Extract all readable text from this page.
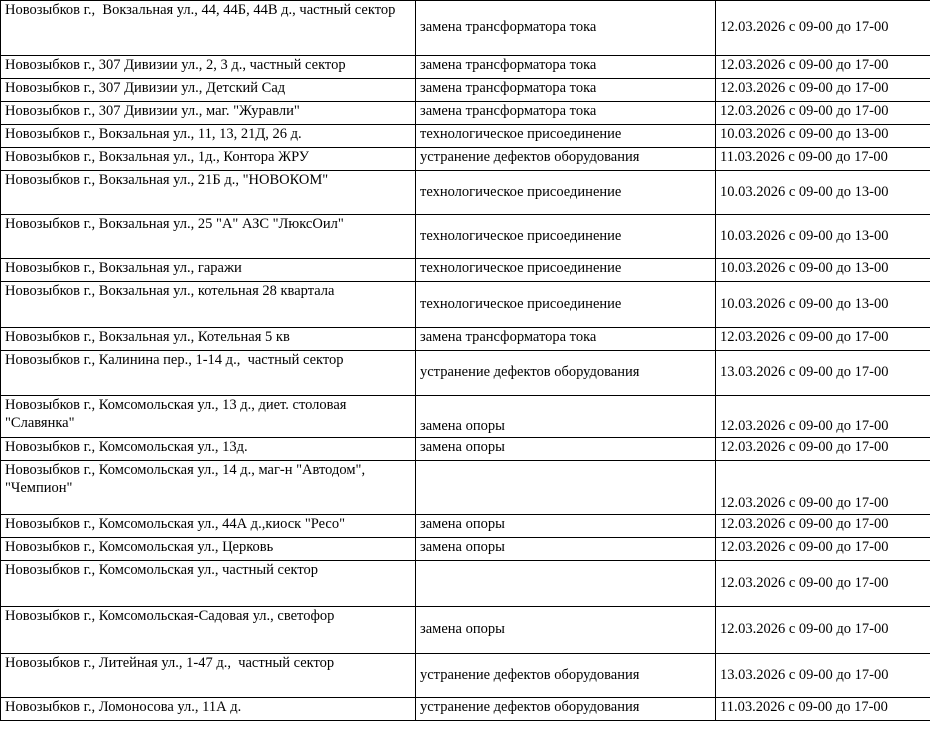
Новозыбков г.,  Вокзальная ул., 44, 44Б, 44В д., частный сектор	замена трансформатора тока	12.03.2026 с 09-00 до 17-00
Новозыбков г., 307 Дивизии ул., 2, 3 д., частный сектор	замена трансформатора тока	12.03.2026 с 09-00 до 17-00
Новозыбков г., 307 Дивизии ул., Детский Сад	замена трансформатора тока	12.03.2026 с 09-00 до 17-00
Новозыбков г., 307 Дивизии ул., маг. "Журавли"	замена трансформатора тока	12.03.2026 с 09-00 до 17-00
Новозыбков г., Вокзальная ул., 11, 13, 21Д, 26 д.	технологическое присоединение	10.03.2026 с 09-00 до 13-00
Новозыбков г., Вокзальная ул., 1д., Контора ЖРУ	устранение дефектов оборудования	11.03.2026 с 09-00 до 17-00
Новозыбков г., Вокзальная ул., 21Б д., "НОВОКОМ"	технологическое присоединение	10.03.2026 с 09-00 до 13-00
Новозыбков г., Вокзальная ул., 25 "А" АЗС "ЛюксОил"	технологическое присоединение	10.03.2026 с 09-00 до 13-00
Новозыбков г., Вокзальная ул., гаражи	технологическое присоединение	10.03.2026 с 09-00 до 13-00
Новозыбков г., Вокзальная ул., котельная 28 квартала	технологическое присоединение	10.03.2026 с 09-00 до 13-00
Новозыбков г., Вокзальная ул., Котельная 5 кв	замена трансформатора тока	12.03.2026 с 09-00 до 17-00
Новозыбков г., Калинина пер., 1-14 д.,  частный сектор	устранение дефектов оборудования	13.03.2026 с 09-00 до 17-00
Новозыбков г., Комсомольская ул., 13 д., диет. столовая "Славянка"	замена опоры	12.03.2026 с 09-00 до 17-00
Новозыбков г., Комсомольская ул., 13д.	замена опоры	12.03.2026 с 09-00 до 17-00
Новозыбков г., Комсомольская ул., 14 д., маг-н "Автодом", "Чемпион"		12.03.2026 с 09-00 до 17-00
Новозыбков г., Комсомольская ул., 44А д.,киоск "Ресо"	замена опоры	12.03.2026 с 09-00 до 17-00
Новозыбков г., Комсомольская ул., Церковь	замена опоры	12.03.2026 с 09-00 до 17-00
Новозыбков г., Комсомольская ул., частный сектор		12.03.2026 с 09-00 до 17-00
Новозыбков г., Комсомольская-Садовая ул., светофор	замена опоры	12.03.2026 с 09-00 до 17-00
Новозыбков г., Литейная ул., 1-47 д.,  частный сектор	устранение дефектов оборудования	13.03.2026 с 09-00 до 17-00
Новозыбков г., Ломоносова ул., 11А д.	устранение дефектов оборудования	11.03.2026 с 09-00 до 17-00
